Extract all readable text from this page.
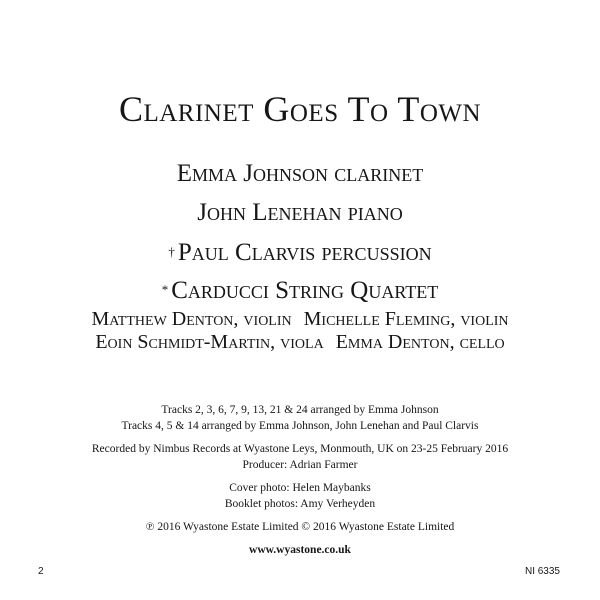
Clarinet Goes To Town
Emma Johnson clarinet
John Lenehan piano
† Paul Clarvis percussion
* Carducci String Quartet
Matthew Denton, violin Michelle Fleming, violin
Eoin Schmidt-Martin, viola Emma Denton, cello
Tracks 2, 3, 6, 7, 9, 13, 21 & 24 arranged by Emma Johnson
Tracks 4, 5 & 14 arranged by Emma Johnson, John Lenehan and Paul Clarvis
Recorded by Nimbus Records at Wyastone Leys, Monmouth, UK on 23-25 February 2016
Producer: Adrian Farmer
Cover photo: Helen Maybanks
Booklet photos: Amy Verheyden
℗ 2016 Wyastone Estate Limited © 2016 Wyastone Estate Limited
www.wyastone.co.uk
2	NI 6335
